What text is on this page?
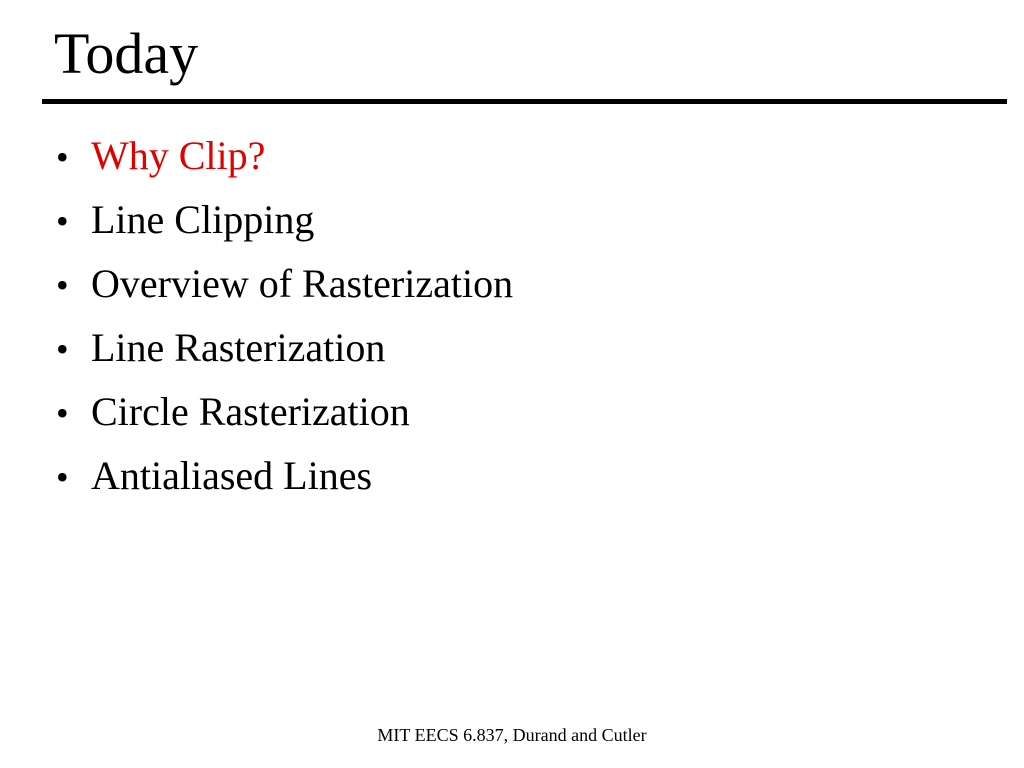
Today
• Why Clip?
• Line Clipping
• Overview of Rasterization
• Line Rasterization
• Circle Rasterization
• Antialiased Lines
MIT EECS 6.837, Durand and Cutler
